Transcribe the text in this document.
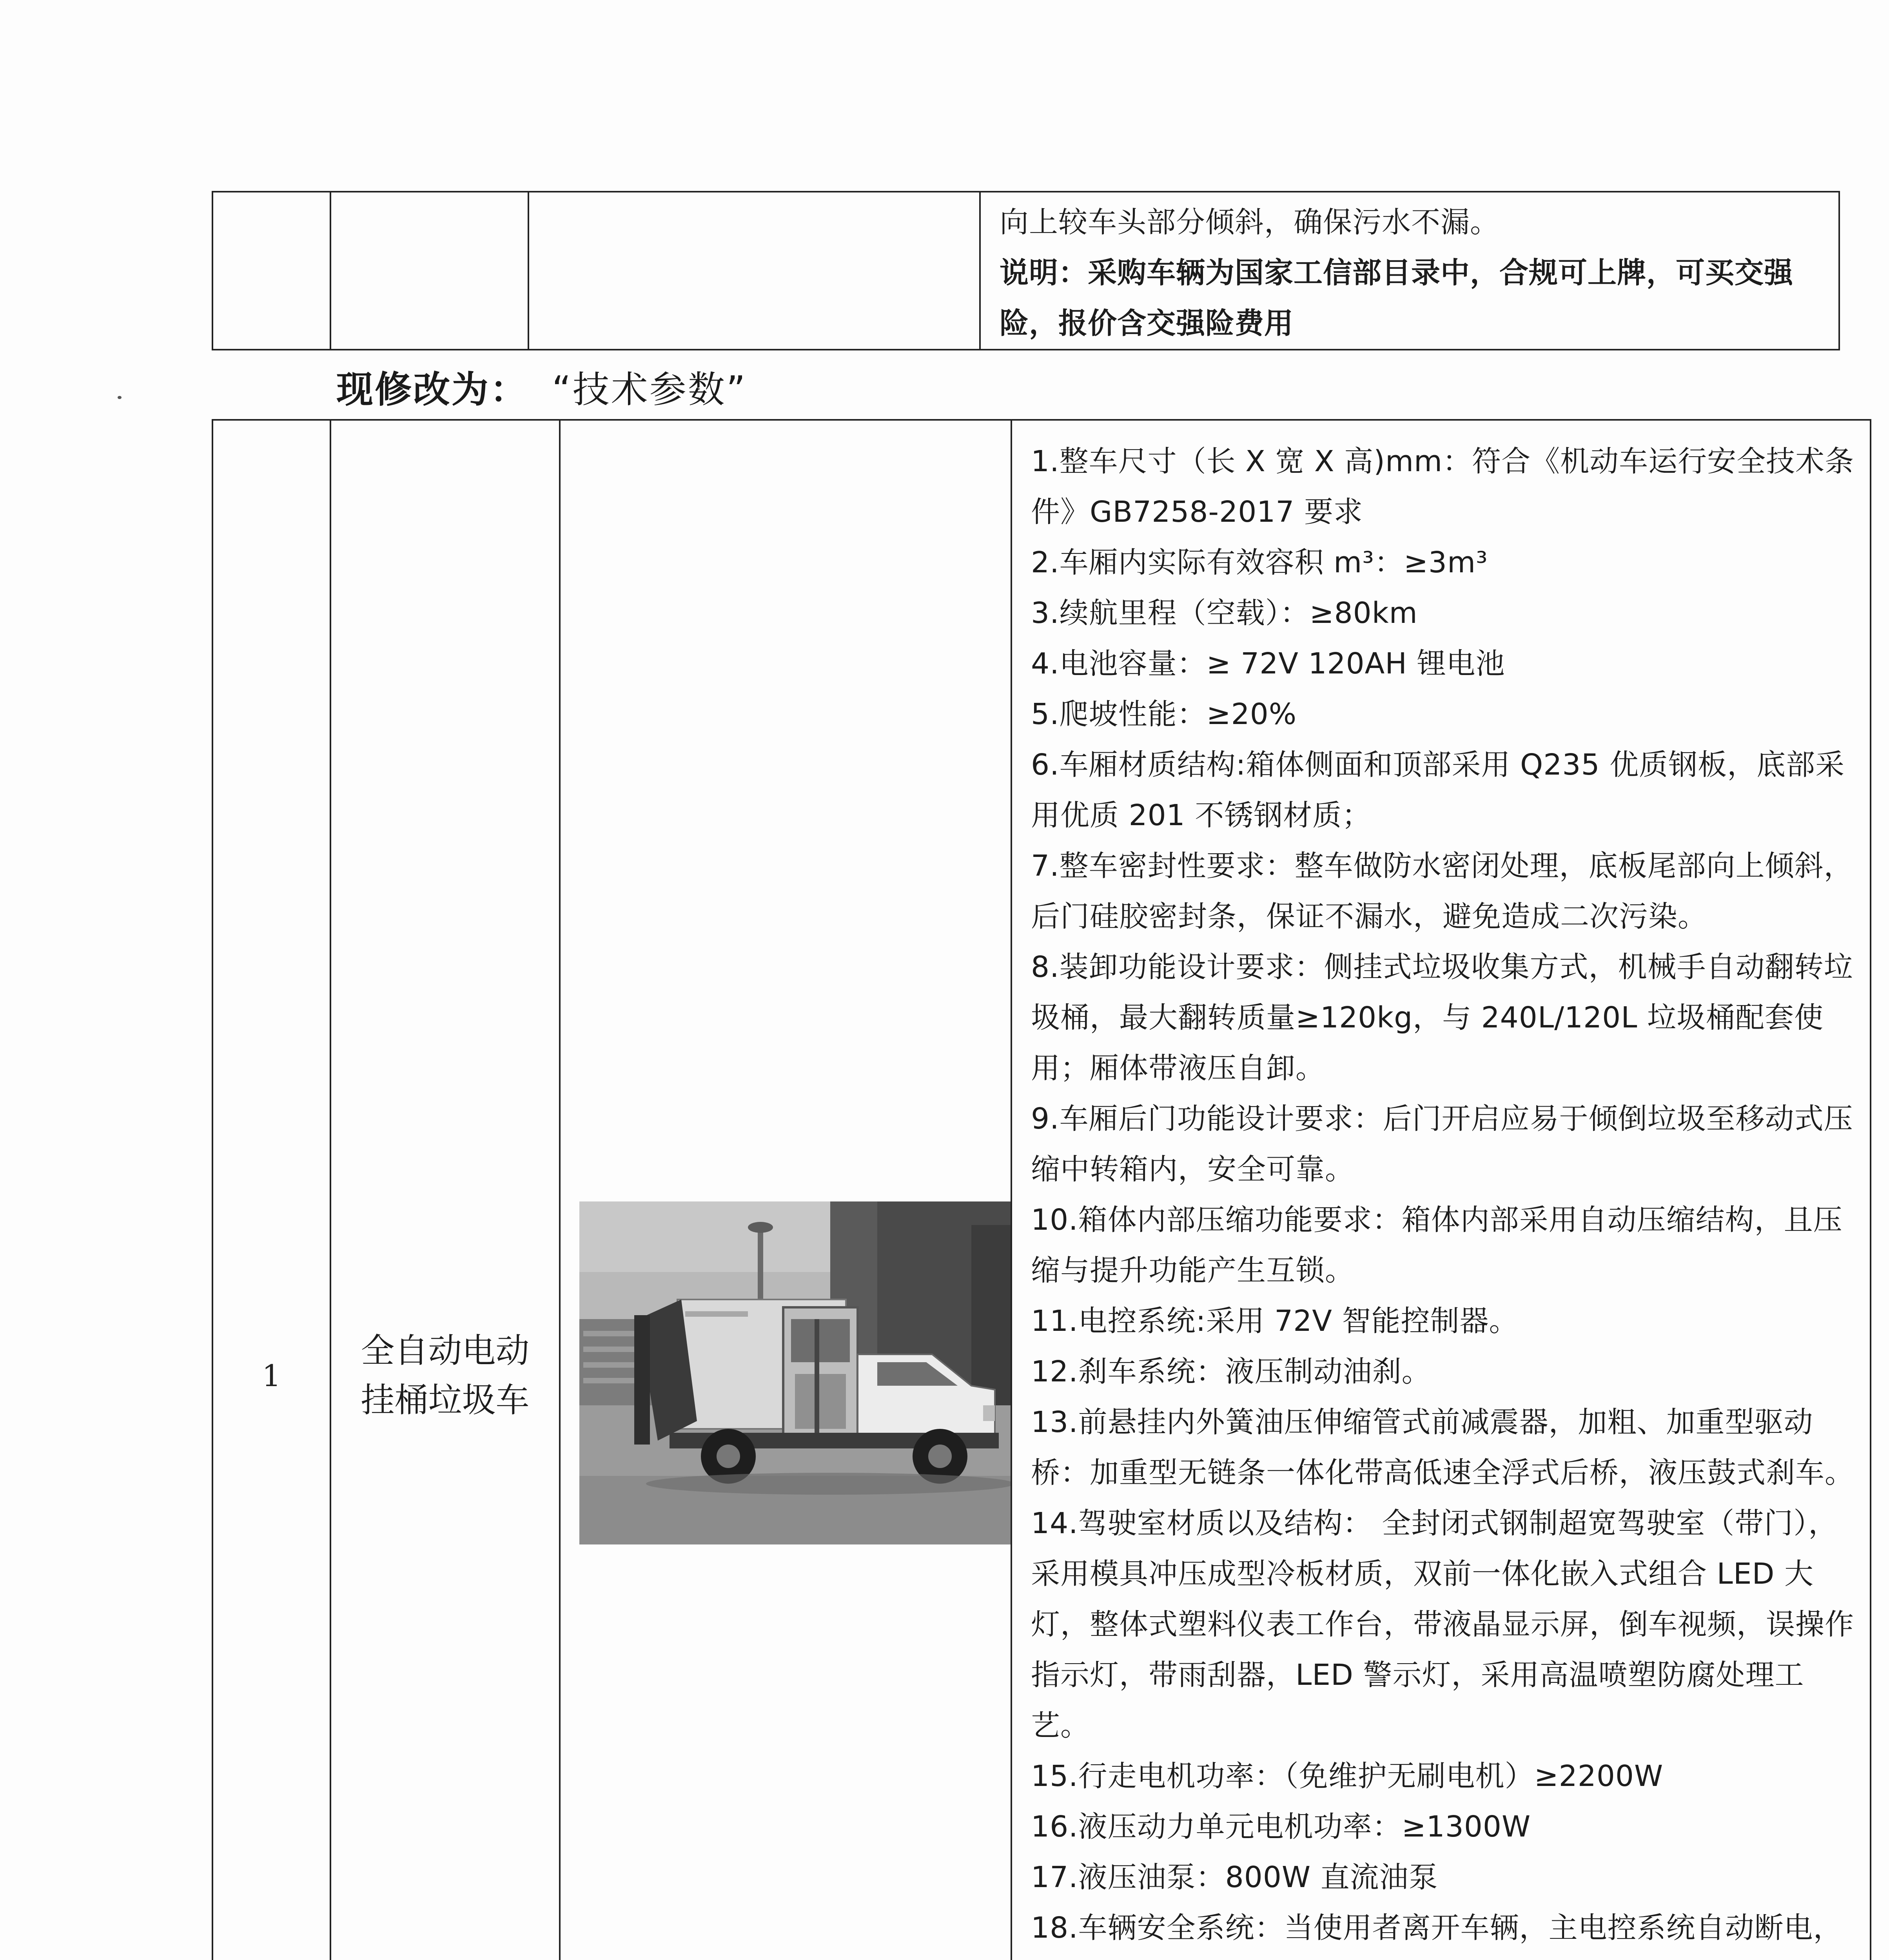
向上较车头部分倾斜，确保污水不漏。

说明：采购车辆为国家工信部目录中，合规可上牌，可买交强险，报价含交强险费用

现修改为： “技术参数”
1	全自动电动挂桶垃圾车	

1.整车尺寸（长 X 宽 X 高)mm：符合《机动车运行安全技术条件》GB7258-2017 要求

2.车厢内实际有效容积 m³：≥3m³

3.续航里程（空载）：≥80km

4.电池容量：≥ 72V 120AH 锂电池

5.爬坡性能：≥20%

6.车厢材质结构:箱体侧面和顶部采用 Q235 优质钢板，底部采用优质 201 不锈钢材质；

7.整车密封性要求：整车做防水密闭处理，底板尾部向上倾斜，后门硅胶密封条，保证不漏水，避免造成二次污染。

8.装卸功能设计要求：侧挂式垃圾收集方式，机械手自动翻转垃圾桶，最大翻转质量≥120kg，与 240L/120L 垃圾桶配套使用；厢体带液压自卸。

9.车厢后门功能设计要求：后门开启应易于倾倒垃圾至移动式压缩中转箱内，安全可靠。

10.箱体内部压缩功能要求：箱体内部采用自动压缩结构，且压缩与提升功能产生互锁。

11.电控系统:采用 72V 智能控制器。

12.刹车系统：液压制动油刹。

13.前悬挂内外簧油压伸缩管式前减震器，加粗、加重型驱动桥：加重型无链条一体化带高低速全浮式后桥，液压鼓式刹车。

14.驾驶室材质以及结构： 全封闭式钢制超宽驾驶室（带门），采用模具冲压成型冷板材质，双前一体化嵌入式组合 LED 大灯，整体式塑料仪表工作台，带液晶显示屏，倒车视频，误操作指示灯，带雨刮器，LED 警示灯，采用高温喷塑防腐处理工艺。

15.行走电机功率：（免维护无刷电机）≥2200W

16.液压动力单元电机功率：≥1300W

17.液压油泵：800W 直流油泵

18.车辆安全系统：当使用者离开车辆，主电控系统自动断电，
